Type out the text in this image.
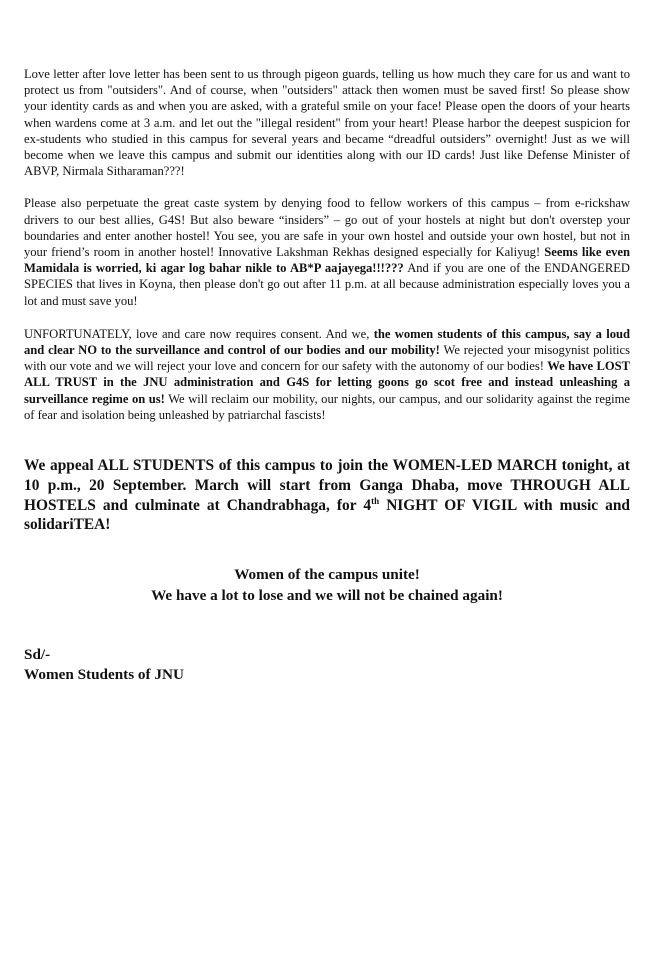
Love letter after love letter has been sent to us through pigeon guards, telling us how much they care for us and want to protect us from "outsiders". And of course, when "outsiders" attack then women must be saved first! So please show your identity cards as and when you are asked, with a grateful smile on your face! Please open the doors of your hearts when wardens come at 3 a.m. and let out the "illegal resident" from your heart! Please harbor the deepest suspicion for ex-students who studied in this campus for several years and became “dreadful outsiders” overnight! Just as we will become when we leave this campus and submit our identities along with our ID cards! Just like Defense Minister of ABVP, Nirmala Sitharaman???!

Please also perpetuate the great caste system by denying food to fellow workers of this campus – from e-rickshaw drivers to our best allies, G4S! But also beware “insiders” – go out of your hostels at night but don't overstep your boundaries and enter another hostel! You see, you are safe in your own hostel and outside your own hostel, but not in your friend’s room in another hostel! Innovative Lakshman Rekhas designed especially for Kaliyug! Seems like even Mamidala is worried, ki agar log bahar nikle to AB*P aajayega!!!??? And if you are one of the ENDANGERED SPECIES that lives in Koyna, then please don't go out after 11 p.m. at all because administration especially loves you a lot and must save you!

UNFORTUNATELY, love and care now requires consent. And we, the women students of this campus, say a loud and clear NO to the surveillance and control of our bodies and our mobility! We rejected your misogynist politics with our vote and we will reject your love and concern for our safety with the autonomy of our bodies! We have LOST ALL TRUST in the JNU administration and G4S for letting goons go scot free and instead unleashing a surveillance regime on us! We will reclaim our mobility, our nights, our campus, and our solidarity against the regime of fear and isolation being unleashed by patriarchal fascists!

We appeal ALL STUDENTS of this campus to join the WOMEN-LED MARCH tonight, at 10 p.m., 20 September. March will start from Ganga Dhaba, move THROUGH ALL HOSTELS and culminate at Chandrabhaga, for 4th NIGHT OF VIGIL with music and solidariTEA!

Women of the campus unite!
We have a lot to lose and we will not be chained again!
Sd/-
Women Students of JNU
